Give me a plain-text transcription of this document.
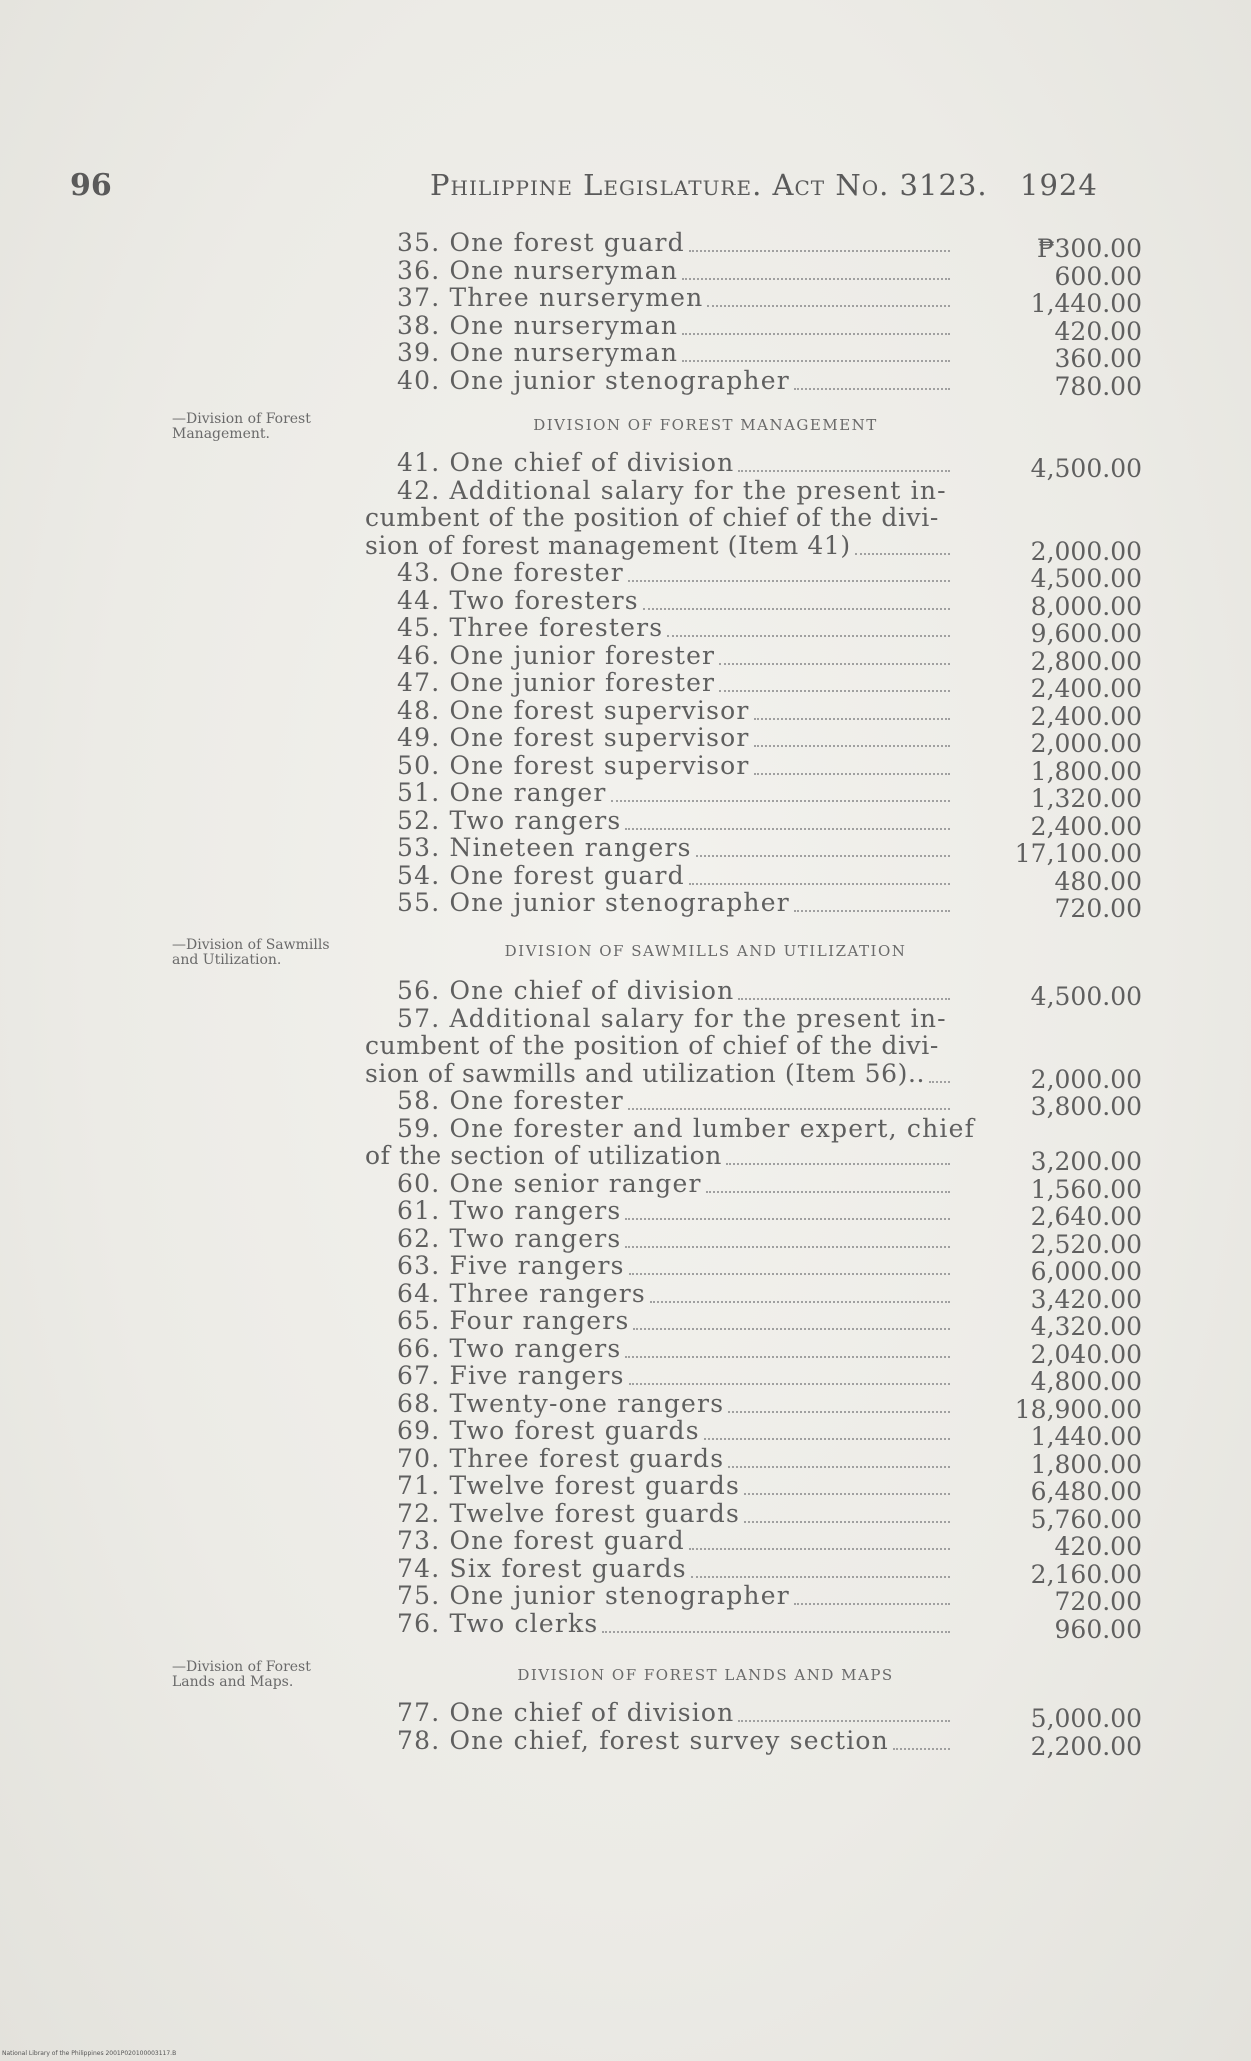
96	Philippine Legislature. Act No. 3123. 1924
35. One forest guard	₱300.00
36. One nurseryman	600.00
37. Three nurserymen	1,440.00
38. One nurseryman	420.00
39. One nurseryman	360.00
40. One junior stenographer	780.00
—Division of Forest
Management.	DIVISION OF FOREST MANAGEMENT
41. One chief of division	4,500.00
42. Additional salary for the present in-
cumbent of the position of chief of the divi-
sion of forest management (Item 41)	2,000.00
43. One forester	4,500.00
44. Two foresters	8,000.00
45. Three foresters	9,600.00
46. One junior forester	2,800.00
47. One junior forester	2,400.00
48. One forest supervisor	2,400.00
49. One forest supervisor	2,000.00
50. One forest supervisor	1,800.00
51. One ranger	1,320.00
52. Two rangers	2,400.00
53. Nineteen rangers	17,100.00
54. One forest guard	480.00
55. One junior stenographer	720.00
—Division of Sawmills
and Utilization.	DIVISION OF SAWMILLS AND UTILIZATION
56. One chief of division	4,500.00
57. Additional salary for the present in-
cumbent of the position of chief of the divi-
sion of sawmills and utilization (Item 56)..	2,000.00
58. One forester	3,800.00
59. One forester and lumber expert, chief
of the section of utilization	3,200.00
60. One senior ranger	1,560.00
61. Two rangers	2,640.00
62. Two rangers	2,520.00
63. Five rangers	6,000.00
64. Three rangers	3,420.00
65. Four rangers	4,320.00
66. Two rangers	2,040.00
67. Five rangers	4,800.00
68. Twenty-one rangers	18,900.00
69. Two forest guards	1,440.00
70. Three forest guards	1,800.00
71. Twelve forest guards	6,480.00
72. Twelve forest guards	5,760.00
73. One forest guard	420.00
74. Six forest guards	2,160.00
75. One junior stenographer	720.00
76. Two clerks	960.00
—Division of Forest
Lands and Maps.	DIVISION OF FOREST LANDS AND MAPS
77. One chief of division	5,000.00
78. One chief, forest survey section	2,200.00
National Library of the Philippines 2001P020100003117.B
